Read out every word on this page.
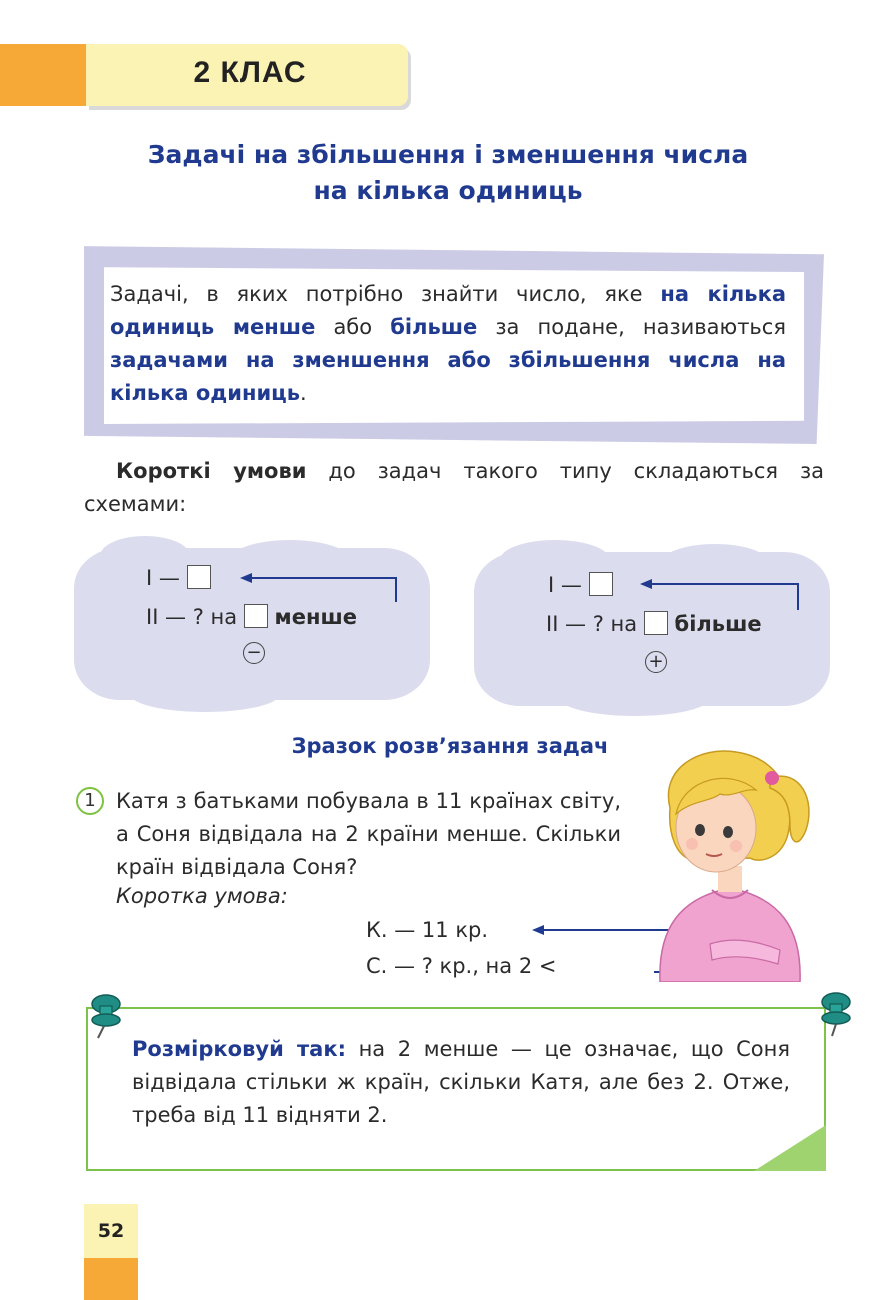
2 КЛАС
Задачі на збільшення і зменшення числа
на кілька одиниць
Задачі, в яких потрібно знайти число, яке на кілька одиниць менше або більше за подане, називаються задачами на зменшення або збільшення числа на кілька одиниць.
Короткі умови до задач такого типу складаються за схемами:
I —
II — ? на менше
−
I —
II — ? на більше
+
Зразок розв’язання задач
1 Катя з батьками побувала в 11 країнах світу, а Соня відвідала на 2 країни менше. Скільки країн відвідала Соня?
Коротка умова:
К. — 11 кр.
С. — ? кр., на 2 <
Розмірковуй так: на 2 менше — це означає, що Соня відвідала стільки ж країн, скільки Катя, але без 2. Отже, треба від 11 відняти 2.
52
